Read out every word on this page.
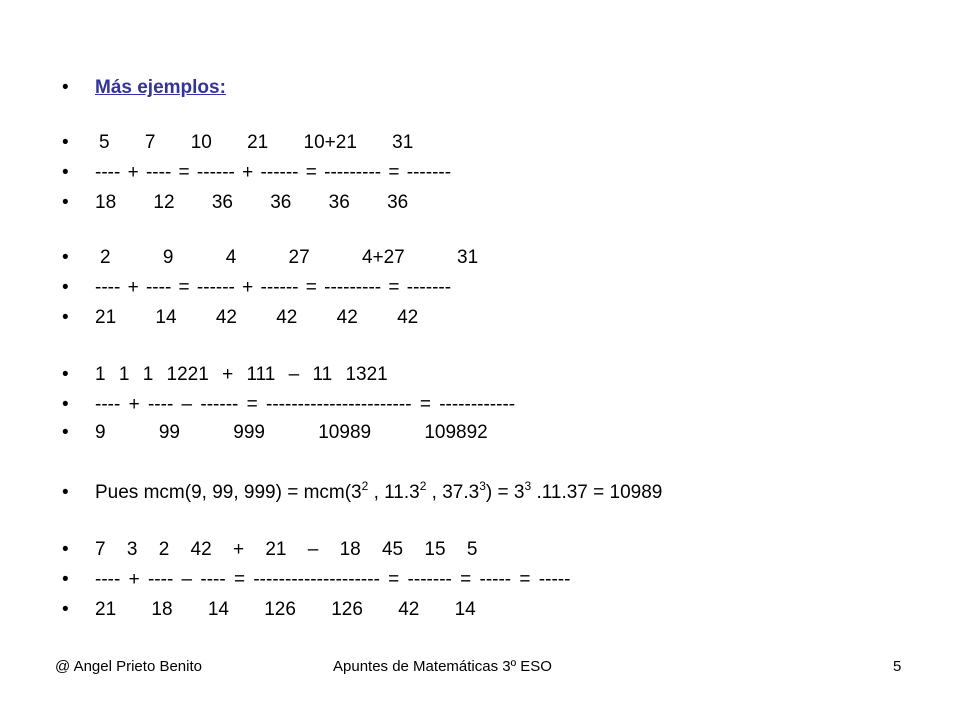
• Más ejemplos:
• 5 7 10 21 10+21 31
• ---- + ---- = ------ + ------ = --------- = -------
• 18 12 36 36 36 36
• 2 9 4 27 4+27 31
• ---- + ---- = ------ + ------ = --------- = -------
• 21 14 42 42 42 42
• 1 1 1 1221 + 111 – 11 1321
• ---- + ---- – ------ = ----------------------- = ------------
• 9 99 999 10989 109892
• Pues mcm(9, 99, $999) = mcm(3^2$ , 11.3$^2$ , $37.3^3) = 3^3$ .11.37 = 10989
• 7 3 2 42 + 21 – 18 45 15 5
• ---- + ---- – ---- = -------------------- = ------- = ----- = -----
• 21 18 14 126 126 42 14
@ Angel Prieto Benito	Apuntes de Matemáticas 3º ESO	5
